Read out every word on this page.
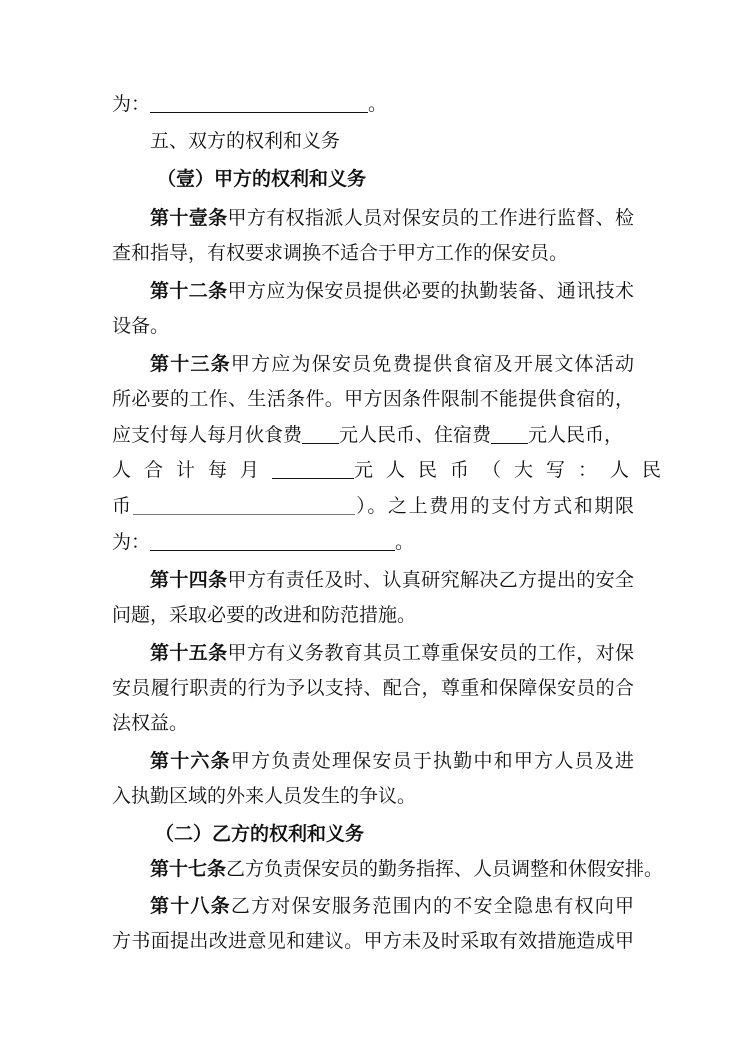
为：	。
五、双方的权利和义务
（壹）甲方的权利和义务
第十壹条甲方有权指派人员对保安员的工作进行监督、检
查和指导，有权要求调换不适合于甲方工作的保安员。
第十二条甲方应为保安员提供必要的执勤装备、通讯技术
设备。
第十三条甲方应为保安员免费提供食宿及开展文体活动
所必要的工作、生活条件。甲方因条件限制不能提供食宿的，
应支付每人每月伙食费 元人民币、住宿费 元人民币，
人合计每月	元人民币（大写：人民
币	）。之上费用的支付方式和期限
为：	。
第十四条甲方有责任及时、认真研究解决乙方提出的安全
问题，采取必要的改进和防范措施。
第十五条甲方有义务教育其员工尊重保安员的工作，对保
安员履行职责的行为予以支持、配合，尊重和保障保安员的合
法权益。
第十六条甲方负责处理保安员于执勤中和甲方人员及进
入执勤区域的外来人员发生的争议。
（二）乙方的权利和义务
第十七条乙方负责保安员的勤务指挥、人员调整和休假安排。
第十八条乙方对保安服务范围内的不安全隐患有权向甲
方书面提出改进意见和建议。甲方未及时采取有效措施造成甲
